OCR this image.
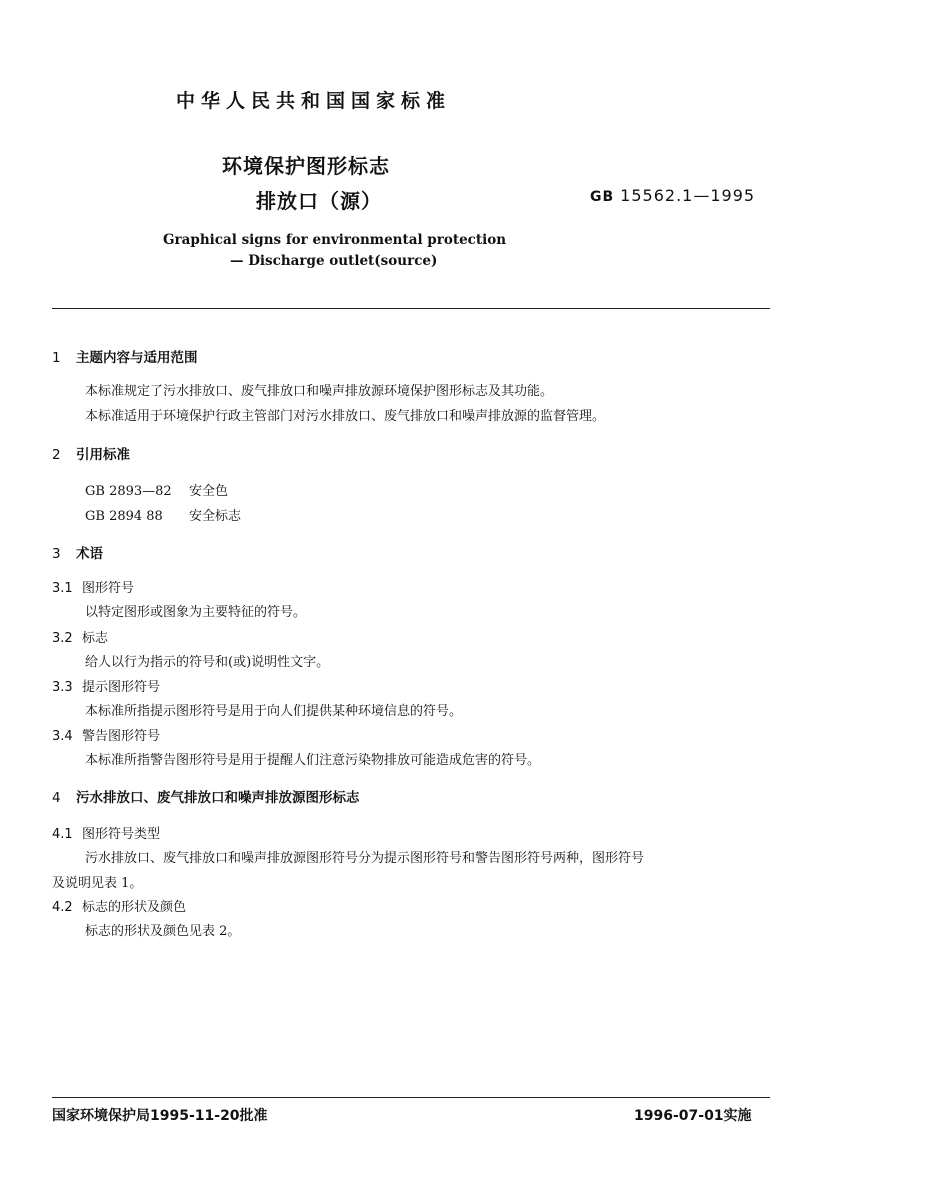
中华人民共和国国家标准
环境保护图形标志
排放口（源）	GB 15562.1—1995
Graphical signs for environmental protection
— Discharge outlet(source)
1 主题内容与适用范围
本标准规定了污水排放口、废气排放口和噪声排放源环境保护图形标志及其功能。
本标准适用于环境保护行政主管部门对污水排放口、废气排放口和噪声排放源的监督管理。
2 引用标准
GB 2893—82 安全色
GB 2894 88 安全标志
3 术语
3.1 图形符号
以特定图形或图象为主要特征的符号。
3.2 标志
给人以行为指示的符号和(或)说明性文字。
3.3 提示图形符号
本标准所指提示图形符号是用于向人们提供某种环境信息的符号。
3.4 警告图形符号
本标准所指警告图形符号是用于提醒人们注意污染物排放可能造成危害的符号。
4 污水排放口、废气排放口和噪声排放源图形标志
4.1 图形符号类型
污水排放口、废气排放口和噪声排放源图形符号分为提示图形符号和警告图形符号两种，图形符号
及说明见表 1。
4.2 标志的形状及颜色
标志的形状及颜色见表 2。
国家环境保护局1995-11-20批准	1996-07-01实施
